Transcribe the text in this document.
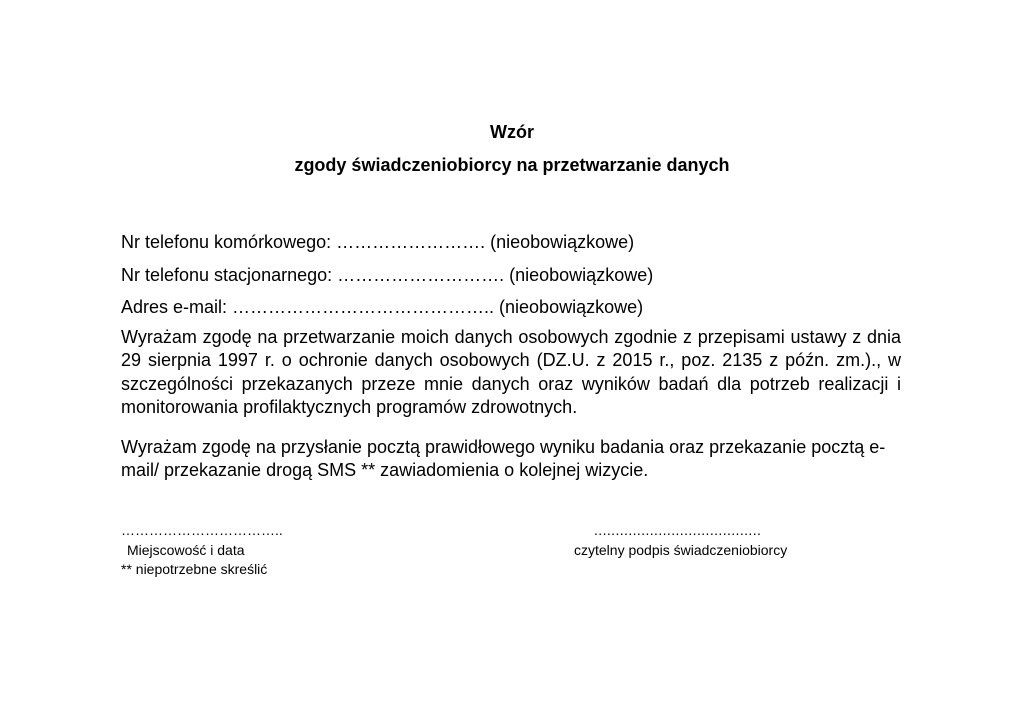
Wzór
zgody świadczeniobiorcy na przetwarzanie danych
Nr telefonu komórkowego: ……………………. (nieobowiązkowe)
Nr telefonu stacjonarnego: ………………………. (nieobowiązkowe)
Adres e-mail: …………………………………….. (nieobowiązkowe)

Wyrażam zgodę na przetwarzanie moich danych osobowych zgodnie z przepisami ustawy z dnia 29 sierpnia 1997 r. o ochronie danych osobowych (DZ.U. z 2015 r., poz. 2135 z późn. zm.)., w szczególności przekazanych przeze mnie danych oraz wyników badań dla potrzeb realizacji i monitorowania profilaktycznych programów zdrowotnych.

Wyrażam zgodę na przysłanie pocztą prawidłowego wyniku badania oraz przekazanie pocztą e-mail/ przekazanie drogą SMS ** zawiadomienia o kolejnej wizycie.

……………………………..	.......................................
Miejscowość i data	czytelny podpis świadczeniobiorcy
** niepotrzebne skreślić
